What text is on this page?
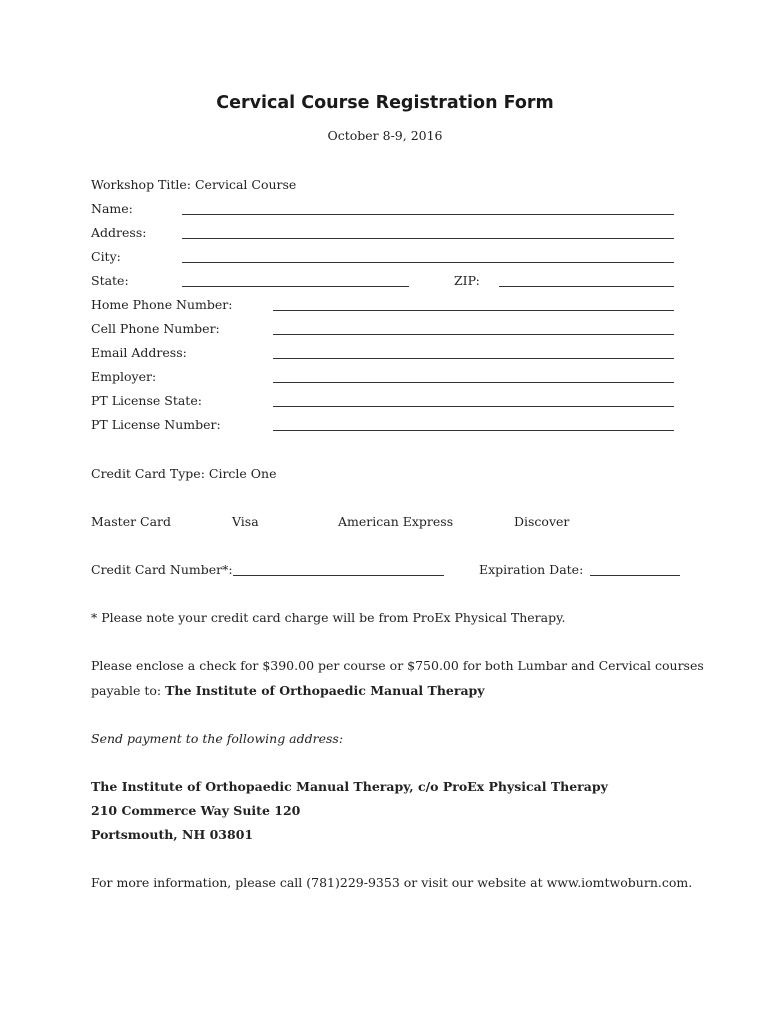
Cervical Course Registration Form
October 8-9, 2016
Workshop Title: Cervical Course
Name:
Address:
City:
State:	ZIP:
Home Phone Number:
Cell Phone Number:
Email Address:
Employer:
PT License State:
PT License Number:
Credit Card Type: Circle One
Master Card	Visa	American Express	Discover
Credit Card Number*:	Expiration Date:
* Please note your credit card charge will be from ProEx Physical Therapy.
Please enclose a check for $390.00 per course or $750.00 for both Lumbar and Cervical courses
payable to: The Institute of Orthopaedic Manual Therapy
Send payment to the following address:
The Institute of Orthopaedic Manual Therapy, c/o ProEx Physical Therapy
210 Commerce Way Suite 120
Portsmouth, NH 03801
For more information, please call (781)229-9353 or visit our website at www.iomtwoburn.com.
